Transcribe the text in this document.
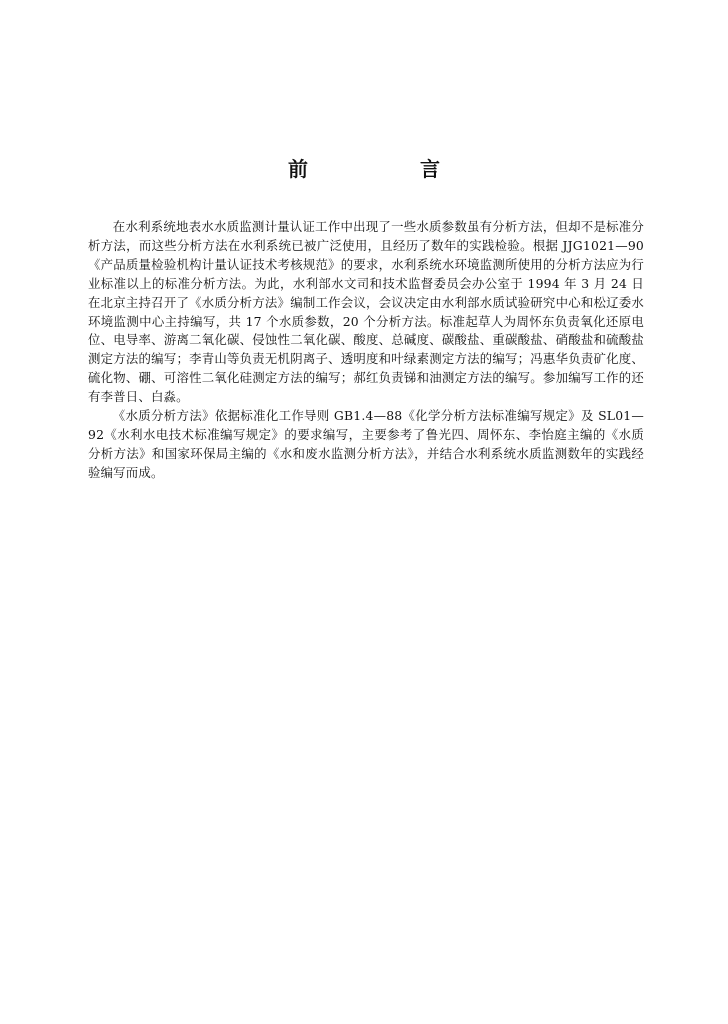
前　言

在水利系统地表水水质监测计量认证工作中出现了一些水质参数虽有分析方法，但却不是标准分析方法，而这些分析方法在水利系统已被广泛使用，且经历了数年的实践检验。根据 JJG1021—90《产品质量检验机构计量认证技术考核规范》的要求，水利系统水环境监测所使用的分析方法应为行业标准以上的标准分析方法。为此，水利部水文司和技术监督委员会办公室于 1994 年 3 月 24 日在北京主持召开了《水质分析方法》编制工作会议，会议决定由水利部水质试验研究中心和松辽委水环境监测中心主持编写，共 17 个水质参数，20 个分析方法。标准起草人为周怀东负责氧化还原电位、电导率、游离二氧化碳、侵蚀性二氧化碳、酸度、总碱度、碳酸盐、重碳酸盐、硝酸盐和硫酸盐测定方法的编写；李青山等负责无机阴离子、透明度和叶绿素测定方法的编写；冯惠华负责矿化度、硫化物、硼、可溶性二氧化硅测定方法的编写；郝红负责锑和油测定方法的编写。参加编写工作的还有李普日、白淼。

《水质分析方法》依据标准化工作导则 GB1.4—88《化学分析方法标准编写规定》及 SL01—92《水利水电技术标准编写规定》的要求编写，主要参考了鲁光四、周怀东、李怡庭主编的《水质分析方法》和国家环保局主编的《水和废水监测分析方法》，并结合水利系统水质监测数年的实践经验编写而成。
